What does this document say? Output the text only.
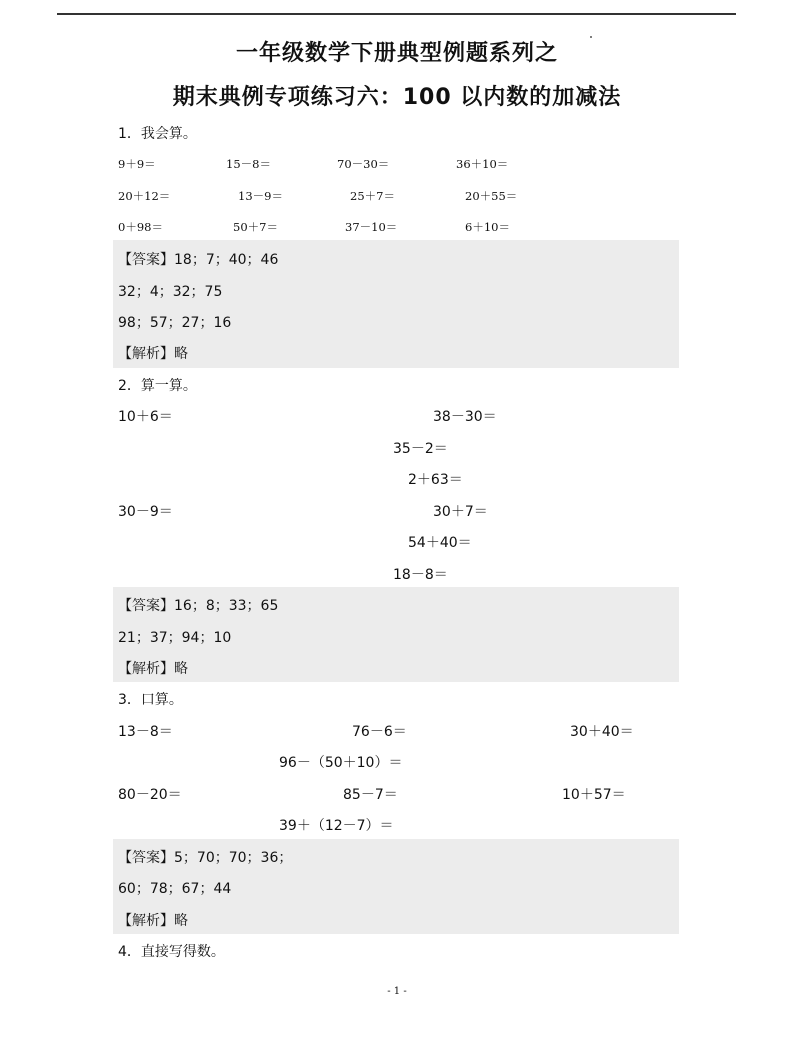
一年级数学下册典型例题系列之
期末典例专项练习六：100 以内数的加减法
1．我会算。
9＋9＝	15－8＝	70－30＝	36＋10＝
20＋12＝	13－9＝	25＋7＝	20＋55＝
0＋98＝	50＋7＝	37－10＝	6＋10＝
【答案】18；7；40；46
32；4；32；75
98；57；27；16
【解析】略
2．算一算。
10＋6＝	38－30＝
35－2＝
2＋63＝
30－9＝	30＋7＝
54＋40＝
18－8＝
【答案】16；8；33；65
21；37；94；10
【解析】略
3．口算。
13－8＝	76－6＝	30＋40＝
96－（50＋10）＝
80－20＝	85－7＝	10＋57＝
39＋（12－7）＝
【答案】5；70；70；36；
60；78；67；44
【解析】略
4．直接写得数。
- 1 -
